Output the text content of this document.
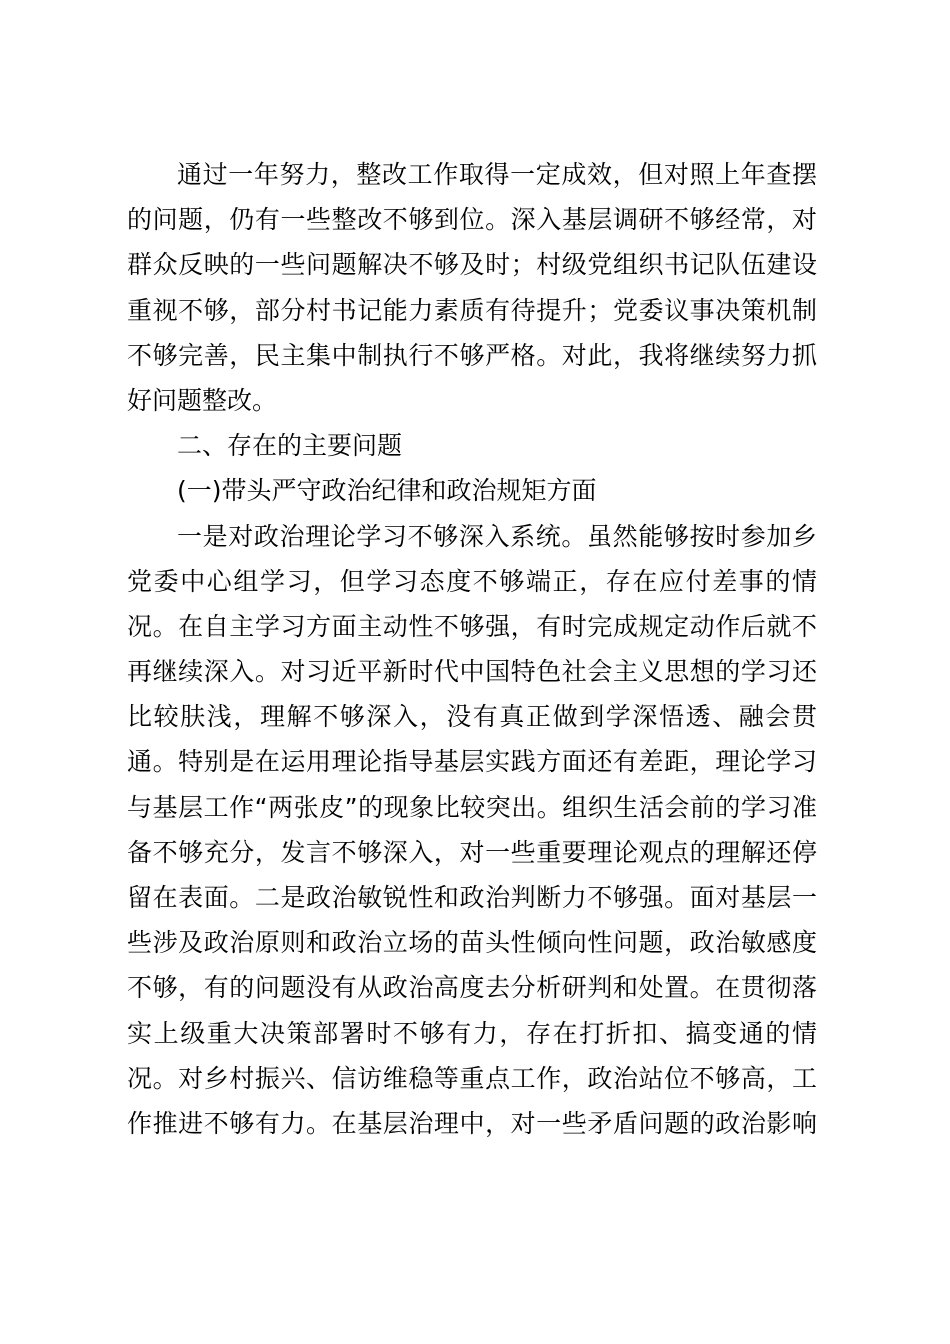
通过一年努力，整改工作取得一定成效，但对照上年查摆
的问题，仍有一些整改不够到位。深入基层调研不够经常，对
群众反映的一些问题解决不够及时；村级党组织书记队伍建设
重视不够，部分村书记能力素质有待提升；党委议事决策机制
不够完善，民主集中制执行不够严格。对此，我将继续努力抓
好问题整改。
二、存在的主要问题
(一)带头严守政治纪律和政治规矩方面
一是对政治理论学习不够深入系统。虽然能够按时参加乡
党委中心组学习，但学习态度不够端正，存在应付差事的情
况。在自主学习方面主动性不够强，有时完成规定动作后就不
再继续深入。对习近平新时代中国特色社会主义思想的学习还
比较肤浅，理解不够深入，没有真正做到学深悟透、融会贯
通。特别是在运用理论指导基层实践方面还有差距，理论学习
与基层工作“两张皮”的现象比较突出。组织生活会前的学习准
备不够充分，发言不够深入，对一些重要理论观点的理解还停
留在表面。二是政治敏锐性和政治判断力不够强。面对基层一
些涉及政治原则和政治立场的苗头性倾向性问题，政治敏感度
不够，有的问题没有从政治高度去分析研判和处置。在贯彻落
实上级重大决策部署时不够有力，存在打折扣、搞变通的情
况。对乡村振兴、信访维稳等重点工作，政治站位不够高，工
作推进不够有力。在基层治理中，对一些矛盾问题的政治影响
